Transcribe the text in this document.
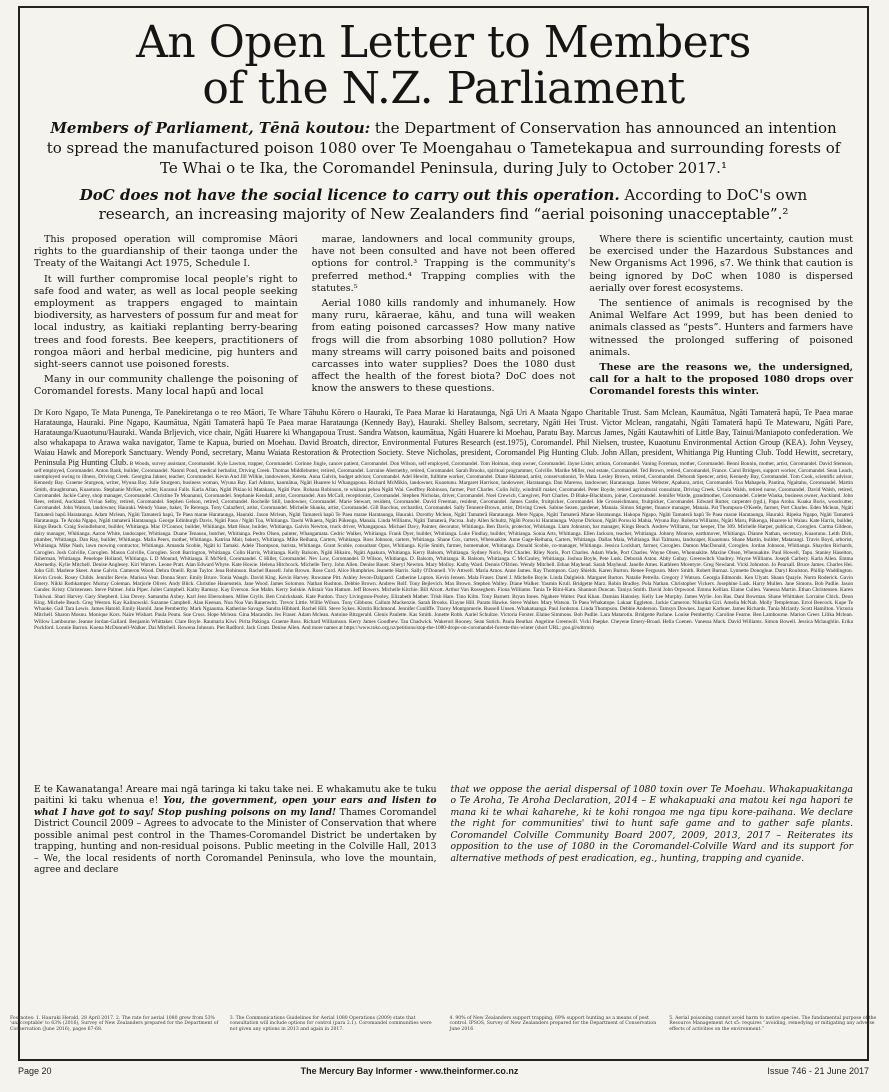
An Open Letter to Members
of the N.Z. Parliament
Members of Parliament, Tēnā koutou: the Department of Conservation has announced an intention to spread the manufactured poison 1080 over Te Moengahau o Tametekapua and surrounding forests of Te Whai o te Ika, the Coromandel Peninsula, during July to October 2017.¹
DoC does not have the social licence to carry out this operation. According to DoC's own research, an increasing majority of New Zealanders find “aerial poisoning unacceptable”.²

This proposed operation will compromise Māori rights to the guardianship of their taonga under the Treaty of the Waitangi Act 1975, Schedule I.

It will further compromise local people's right to safe food and water, as well as local people seeking employment as trappers engaged to maintain biodiversity, as harvesters of possum fur and meat for local industry, as kaitiaki replanting berry-bearing trees and food forests. Bee keepers, practitioners of rongoa māori and herbal medicine, pig hunters and sight-seers cannot use poisoned forests.

Many in our community challenge the poisoning of Coromandel forests. Many local hapū and local

marae, landowners and local community groups, have not been consulted and have not been offered options for control.³ Trapping is the community's preferred method.⁴ Trapping complies with the statutes.⁵

Aerial 1080 kills randomly and inhumanely. How many ruru, kāraerae, kāhu, and tuna will weaken from eating poisoned carcasses? How many native frogs will die from absorbing 1080 pollution? How many streams will carry poisoned baits and poisoned carcasses into water supplies? Does the 1080 dust affect the health of the forest biota? DoC does not know the answers to these questions.

Where there is scientific uncertainty, caution must be exercised under the Hazardous Substances and New Organisms Act 1996, s7. We think that caution is being ignored by DoC when 1080 is dispersed aerially over forest ecosystems.

The sentience of animals is recognised by the Animal Welfare Act 1999, but has been denied to animals classed as “pests”. Hunters and farmers have witnessed the prolonged suffering of poisoned animals.

These are the reasons we, the undersigned, call for a halt to the proposed 1080 drops over Coromandel forests this winter.

Dr Koro Ngapo, Te Mata Punenga, Te Panekiretanga o te reo Māori, Te Whare Tāhuhu Kōrero o Hauraki, Te Paea Marae ki Harataunga, Ngā Uri A Maata Ngapo Charitable Trust. Sam Mclean, Kaumātua, Ngāti Tamaterā hapū, Te Paea marae Harataunga, Hauraki. Pine Ngapo, Kaumātua, Ngāti Tamaterā hapū Te Paea marae Harataunga (Kennedy Bay), Hauraki. Shelley Balsom, secretary, Ngāti Hei Trust. Victor Mclean, rangatahi, Ngāti Tamaterā hapū Te Matewaru, Ngāti Pare, Harataunga/Kuaotunu/Hauraki. Wanda Brljevich, vice chair, Ngāti Huarere ki Whangapoua Trust. Sandra Watson, kaumātua, Ngāti Huarere ki Moehau, Paratu Bay. Marcus James, Ngāti Kautawhiti of Little Bay, Tainui/Maniapoto confederation. We also whakapapa to Arawa waka navigator, Tame te Kapua, buried on Moehau. David Broatch, director, Environmental Futures Research (est.1975), Coromandel. Phil Nielsen, trustee, Kuaotunu Environmental Action Group (KEA). John Veysey, Waiau Hawk and Morepork Sanctuary. Wendy Pond, secretary, Manu Waiata Restoration & Protection Society. Steve Nicholas, president, Coromandel Pig Hunting Club. John Allan, president, Whitianga Pig Hunting Club. Todd Hewitt, secretary, Peninsula Pig Hunting Club. B Woods, survey assistant, Coromandel. Kyle Lawton, trapper, Coromandel. Corinne Jingle, cancer patient, Coromandel. Don Wilson, self employed, Coromandel. Tom Holman, shop owner, Coromandel. Jayne Lister, artisan, Coromandel. Vaning Foreman, mother, Coromandel. Benni Bonnin, mother, artist, Coromandel. David Stemson, self employed, Coromandel. Anton Bank, builder, Coromandel. Naomi Pond, medical herbalist, Driving Creek. Thomas Middlebutter, retired, Coromandel. Lorraine Abernethy, retired, Coromandel. Sarah Brooks, spiritual programmer, Colville. Marike Miller, real estate, Coromandel. Ted Brown, retired, Coromandel, France. Carol Bridgers, support worker, Coromandel. Sean Leach, unemployed owing to illness, Driving Creek. Georgina Jahner, teacher, Coromandel. Kevin And Jill Wilkie, landowners, Kereta. Anna Galvin, budget advisor, Coromandel. Adel Hewitt, fulltime worker, Coromandel. Diane Halstead, artist, conservationist, Te Mata. Lesley Brown, retired, Coromandel. Deborah Spencer, artist, Kennedy Bay, Coromandel. Tom Cook, scientific advisor, Kennedy Bay. Graeme Sturgeon, writer, Wyuna Bay. Julie Sturgeon, business woman, Wyuna Bay. Earl Adams, kaumātua, Ngāti Huarere ki Whangapoua. Richard McMikin, landowner, Kuaotunu. Margaret Harrison, landowner, Harataunga. Dan Marerea, landowner, Harataunga. James Webster, Apakura, artist, Coromandel. Toa Mahapela, Pautina, Ngaitahu, Coromandel. Martin Smith, draughtsman, Kuaotunu. Stephanie McKee, writer, Kuranui Falls. Karla Allan, Ngāti Pikiao ki Matakana, Ngāti Pare. Rohana Robinson, te whānau pehea Ngāti Wai. Geoffrey Robinson, farmer, Port Charles. Colin Jolly, windmill maker, Coromandel. Peter Boyde, retired agricultural consultant, Driving Creek. Ursula Walsh, retired nurse, Coromandel. David Walsh, retired, Coromandel. Jackie Carey, shop manager, Coromandel. Christine Te Moananui, Coromandel. Stephanie Kendall, artist, Coromandel. Ann McCall, receptionist, Coromandel. Stephen Nicholas, driver, Coromandel. Noel Crewich, Caregiver, Port Charles. D Blake-Blackburn, joiner, Coromandel. Jennifer Warde, grandmother, Coromandel. Colette Wauka, business owner, Auckland. John Rees, retired, Auckland. Vivian Selby, retired, Coromandel. Stephen Gelson, retired, Coromandel. Rochelle Still, landowner, Coromandel. Marie Stewart, resident, Coromandel. David Freeman, resident, Coromandel. James Castle, fruitpicker, Coromandel. Ide Grosseichmann, fruitpicker, Coromandel. Edward Rutter, carpenter (rgd.), Papa Aroha. Kuaka Boris, woodcutter, Coromandel. John Watson, landowner, Hauraki. Wendy Vause, baker, Te Rerenga. Tony Calazferri, artist, Coromandel. Michelle Shanks, artist, Coromandel. Gill Bacchus, orchardist, Coromandel. Sally Tennent-Brown, artist, Driving Creek. Sabine Sezen, gardener, Manaia. Simon Stigeter, finance manager, Manaia. Pat Thompson-O'Keefe, farmer, Port Charles. Eden Mclean, Ngāti Tamaterā hapū Harataunga. Adam Mclean, Ngāti Tamaterā hapū, Te Paea marae Harataunga, Hauraki. Jason Mclean, Ngāti Tamaterā hapū Te Paea marae Harataunga, Hauraki. Dorothy Mclean, Ngāti Tamaterā Harataunga. Mere Ngapo, Ngāti Tamaterā Marae Harataunga. Hakopa Ngapo, Ngāti Tamaterā hapū Te Paea marae Harataunga, Hauraki. Ripeka Ngapo, Ngāti Tamaterā Harataunga. Te Aroha Ngapo, Ngāti tamaterā Harataunga. George Edinburgh Davis, Ngāti Paoa / Ngāti Toa, Whitianga. Tawhi Wikaera, Ngāti Pūkenga, Manaia. Linda Williams, Ngāti Tamaterā, Pacroa. Judy Allen Schultz, Ngāti Porou ki Harataunga. Wayne Dickson, Ngāti Porou ki Mahia, Wyuna Bay. Roberta Williams, Ngāti Maru, Pūkenga, Huarere ki Waiau. Kate Harris, builder, Kings Beach. Craig Swindlehurst, builder, Whitianga. Mac O'Connor, builder, Whitianga. Matt Hoar, builder, Whitianga. Galvin Newton, truck driver, Whangapoua. Michael Davy, Painter, decorator, Whitianga. Ben Davis, protector, Whitianga. Liam Johnston, bar manager, Kings Beach. Andrew Williams, bar keeper, The 309. Michelle Harper, publican, Coroglen. Carma Gildeon, dairy manager, Whitianga. Aaron White, landscaper, Whitianga. Duane Tenausu, butcher, Whitianga. Pedro Olsen, painter, Whangamata. Cedric Walker, Whitianga. Frank Dyer, builder, Whitianga. Luke Findlay, builder, Whitianga. Sonia Arts, Whitianga. Ellen Jackson, teacher, Whitianga. Johnny Monroe, earthmover, Whitianga. Dianne Nathan, secretary, Kuaotunu. Leith Dick, plumber, Whitianga. Dan Ray, builder, Whitianga. Malia Peers, mother, Whitianga. Katrina Mair, bakery, Whitianga. Mike Reihana, Carters, Whitianga. Ross Johnson, carters, Whitianga. Shane Cox, carters, Whenuakite. Anne Gage-Reihana, Carters, Whitianga. Dallas Maia, Whitianga. Roi Talmanu, landscaper, Kuaotunu. Shane Martin, builder, Matarangi. Travis Boyd, arborist, Whitianga. Mike Nash, lawn mowing contractor, Whitianga. Amanda Scobie, Ngāti ki Tamaki. Adele Thompson, barista, Whitianga. Grant Scobie, consultant Opus, Whitianga. Kylie Smith, farmer, homemaker, Whitianga. Donald Scobie, co-manager, Whitianga. Jessica Lockhart, farmer, Coroglen. Damon MacDonald, Coroglen. Jordan Johnson, Whitianga. Shaydon Richards, Coroglen. Josh Colville, Coroglen. Mason Colville, Coroglen. Scott Barrington, Whitianga. Colin Harris, Whitianga. Kelly Balsom, Ngāti Hikairo, Ngāti Apakura, Whitianga. Kerry Balsom, Whitianga. Sydney Noris, Port Charles. Riley Noris, Port Charles. Adam Wade, Port Charles. Wayne Olsen, Whenuakite. Maxine Olsen, Whenuakite. Paul Howell, Tapu. Stanley Haselton, fisherman, Whitianga. Penelope Holland, Whitianga. L D Mourad, Whitianga. E McNeil, Coromandel. C Hiller, Coromandel. Nev Low, Coromandel. D Wilson, Whitianga. D. Balsom, Whitianga. R. Balsom, Whitianga. C McCauley, Whitianga. Joshua Boyle, Pete Lusk. Deborah Aston. Abby Gubay. Greenwitch Vaudrey. Wayne Williams. Joseph Carbery. Karla Allen. Emma Abernethy. Kylie Mitchell. Denise Anglesey. Kiri Warren. Leone Pratt. Alan Edward Whyte. Kate Howie. Helena Hitchcock. Michelle Terry. John Allen. Denise Bauer. Sheryl Newton. Mary Molloy. Kathy Ward. Dennis O'Brien. Wendy Mitchell. Ethan Mayhead. Sarah Mayhead. Janelle Ames. Kathleen Mcentyre. Greg Newland. Vicki Johnston. Jo Pearsall. Bruce James. Charles Hei. John Gill. Marlene Skeet. Anne Galvin. Cameron Wood. Debra Oneill. Ryan Taylor. Jena Robinson. Rachel Russell. John Brown. Rose Curd. Alice Humphries. Jeanette Harris. Sally O'Donnell. Viv Attwell. Maria Amos. Anne James. Ray Thompson. Gary Shields. Karen Burton. Renee Ferguson. Merv Smith. Robert Burnaz. Lynnette Donoghue. Daryl Roulston. Phillip Waddington. Kevin Crook. Rosey Childs. Jennifer Revie. Marissa Vear. Donna Storr. Emily Bruce. Tonia Waugh. David King. Kevin Harvey. Rowanne Pitt. Ashley Jevon-Dalgaard. Catherine Lupton. Kevin Jensen. Mala Fraser. Darel J. Michelle Boyle. Linda Dalgleish. Margaret Burton. Natalie Petrella. Gregory J Watson. Georgia Edmonds. Ken Ulyatt. Shaun Quayle. Norm Roderick. Gavin Emery. Nikki Rothkamper. Murray Coleman. Marjorie Oliver. Andy Blick. Christine Hauenstein. Jane Wood. James Solomon. Nathan Rushton. Debbie Brown. Andrew Rolf. Tony Bejlevich. Max Brown. Stephen Walley. Diane Walker. Yasmin Krull. Bridgette Marz. Robin Bradley. Pola Nathan. Christopher Vickers. Josephine Lusk. Harry Mullen. Jane Simons. Bob Padlie. Jason Gander. Kristy Christensen. Steve Palmer. Julia Piper. Juliet Campbell. Kathy Ramsay. Kay Everson. Sue Mahn. Kerry Sulskie. Alistair Van Hattum. Jeff Bowers. Michelle Kitchie. Bill Alcott. Arthur Van Rosseghem. Fiona Williams. Tania Te Riini-Katu. Shannon Duncan. Taniya Smith. David John Orpwood. Emma Kellian. Elaine Cullen. Vanessa Martin. Ethan Christensen. Karen Tukiwai. Shari Harvey. Gary Shepherd. Lisa Dovey. Samantha Axbey. Karl Jens Ebersohnen. Milee Grylls. Ben Cruickshank. Kate Purdon. Tracy Livingston-Pooley. Elizabeth Mather. Trish Hare. Tino Kiltn. Tony Barnett. Bryan Innes. Ngahere Walter. Paul Khan. Damian Hainsley. Kelly Lee Murphy. James Wylie. Jon Bas. Dani Bowman. Shane Whittaker. Lorraine Chick. Deon King. Michele Beach. Greg Weston. Kay Kalinowski. Suzanne Campbell. Alan Keenan. Noa Noa Van Ranenwitz. Trevor Little. Willie Wilson. Tony Gibbons. Callum Mackenzie. Sarah Brooks. Elayne Hill. Paratu Hawke. Steve Walker. Mary Watson. Te Paea Whakatope. Lakaar Eggleton. Jackie Cameron. Niharika Giri. Amelia McNab. Molly Templeman. Errol Beecock. Kupe Te Whaoke. Gail Tara Lewis. James Hatold. Emily Harold. Jane Pemberthy. Mark Ngaauma. Katherine Savage. Sandra Hibbard. Rachel Hill. Steve Sykes. Kirstin Richmond. Jennifer Cunliffe. Tracey Montgomerie. Russell Unsen. Whakatuanga. Paul Jonhston. Linda Thompson. Debbie Anderson. Tamsyn Downes. Jaguar Karbuer. James Richards. Tania Mclardy. Scott Hamilton. Victoria Mitchell. Sharon Mosnu. Monique Kors. Naire Wishart. Paula Poutu. Sue Cross. Hope Mclean. Gina Macandin. Jes Fraser. Adam Mclean. Antoine Bitzgerald. Glenis Paulette. Kas Smith. Jonette Robb. Aariel Schultze. Victoria Forster. Elaine Simmons. Bob Padlie. Lara Matarotin. Bridgette Parlane. Louise Pemberthy. Caroline Fearne. Ben Lambourne. Marion Greer. Lilika Mclean. Willow Lambourne. Jeanne Jordan-Gallard. Benjamin Whittaker. Clare Boyle. Raumaria Kiwi. Pirita Pakinga. Graeme Ross. Richard Williamson. Kerry James Goodhew. Tau Chadwick. Wakerori Rooney. Sean Sutich. Paula Beuthar. Angeline Greenwill. Vicki Paepke. Cheyene Emery-Broad. Hella Coenen. Vanessa Mack. David Williams. Simon Bowell. Jessica Mclaughlin. Erika Puckford. Lonnie Barron. Koena McDonnell-Walker. Dai Mitchell. Rowena Johnson. Piet Radford. Jack Grant. Denise Allen. And more names at https://www.toko.org.nz/petitions/stop-the-1080-drops-on-coromandel-forests-this-winter (short URL: goo.gl/sdtrmu)
E te Kawanatanga! Areare mai ngā taringa ki taku take nei. E whakamutu ake te tuku paitini ki taku whenua e! You, the government, open your ears and listen to what I have got to say! Stop pushing poisons on my land! Thames Coromandel District Council 2009 – Agrees to advocate to the Minister of Conservation that where possible animal pest control in the Thames-Coromandel District be undertaken by trapping, hunting and non-residual poisons. Public meeting in the Colville Hall, 2013 – We, the local residents of north Coromandel Peninsula, who love the mountain, agree and declare
that we oppose the aerial dispersal of 1080 toxin over Te Moehau. Whakapuakitanga o Te Aroha, Te Aroha Declaration, 2014 – E whakapuaki ana matou kei nga hapori te mana ki te whai kaharehe, ki te kohi rongoa me nga tipu kore-paihana. We declare the right for communities' tiwi to hunt safe game and to gather safe plants. Coromandel Colville Community Board 2007, 2009, 2013, 2017 – Reiterates its opposition to the use of 1080 in the Coromandel-Colville Ward and its support for alternative methods of pest eradication, eg., hunting, trapping and cyanide.
Footnotes: 1. Hauraki Herald, 28 April 2017. 2. The rate for aerial 1080 grew from 53% 'unacceptable' to 63% (2016), Survey of New Zealanders prepared for the Department of Conservation (June 2016), pages 67-68.
3. The Communications Guidelines for Aerial 1080 Operations (2009) state that consultation will include options for control (para 2.1). Coromandel communities were not given any options in 2013 and again in 2017.
4. 90% of New Zealanders support trapping, 69% support hunting as a means of pest control. IPSOS, Survey of New Zealanders prepared for the Department of Conservation June 2016
5. Aerial poisoning cannot avoid harm to native species. The fundamental purpose of the Resource Management Act s5: requires “avoiding, remedying or mitigating any adverse effects of activities on the environment.”
Page 20	The Mercury Bay Informer - www.theinformer.co.nz	Issue 746 - 21 June 2017
